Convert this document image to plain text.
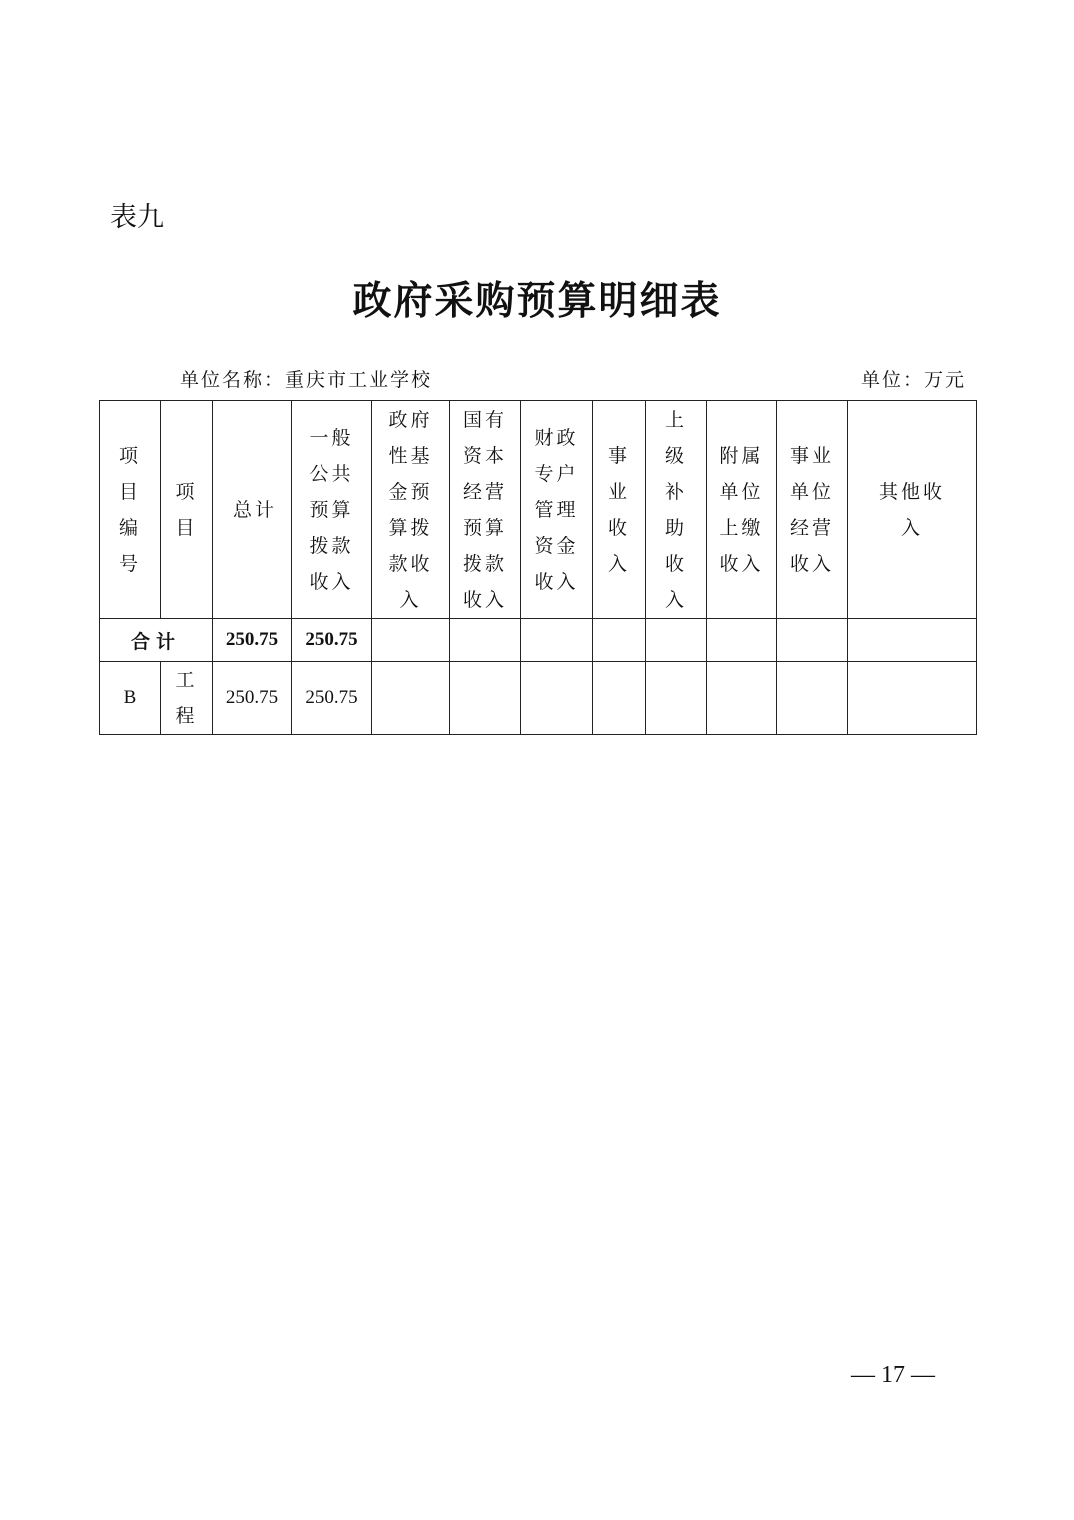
表九
政府采购预算明细表
单位名称：重庆市工业学校	单位：万元
项目编号	项目	总计	一般公共预算拨款收入	政府性基金预算拨款收入	国有资本经营预算拨款收入	财政专户管理资金收入	事业收入	上级补助收入	附属单位上缴收入	事业单位经营收入	其他收入
合计		250.75	250.75								
B	工程	250.75	250.75								
— 17 —
